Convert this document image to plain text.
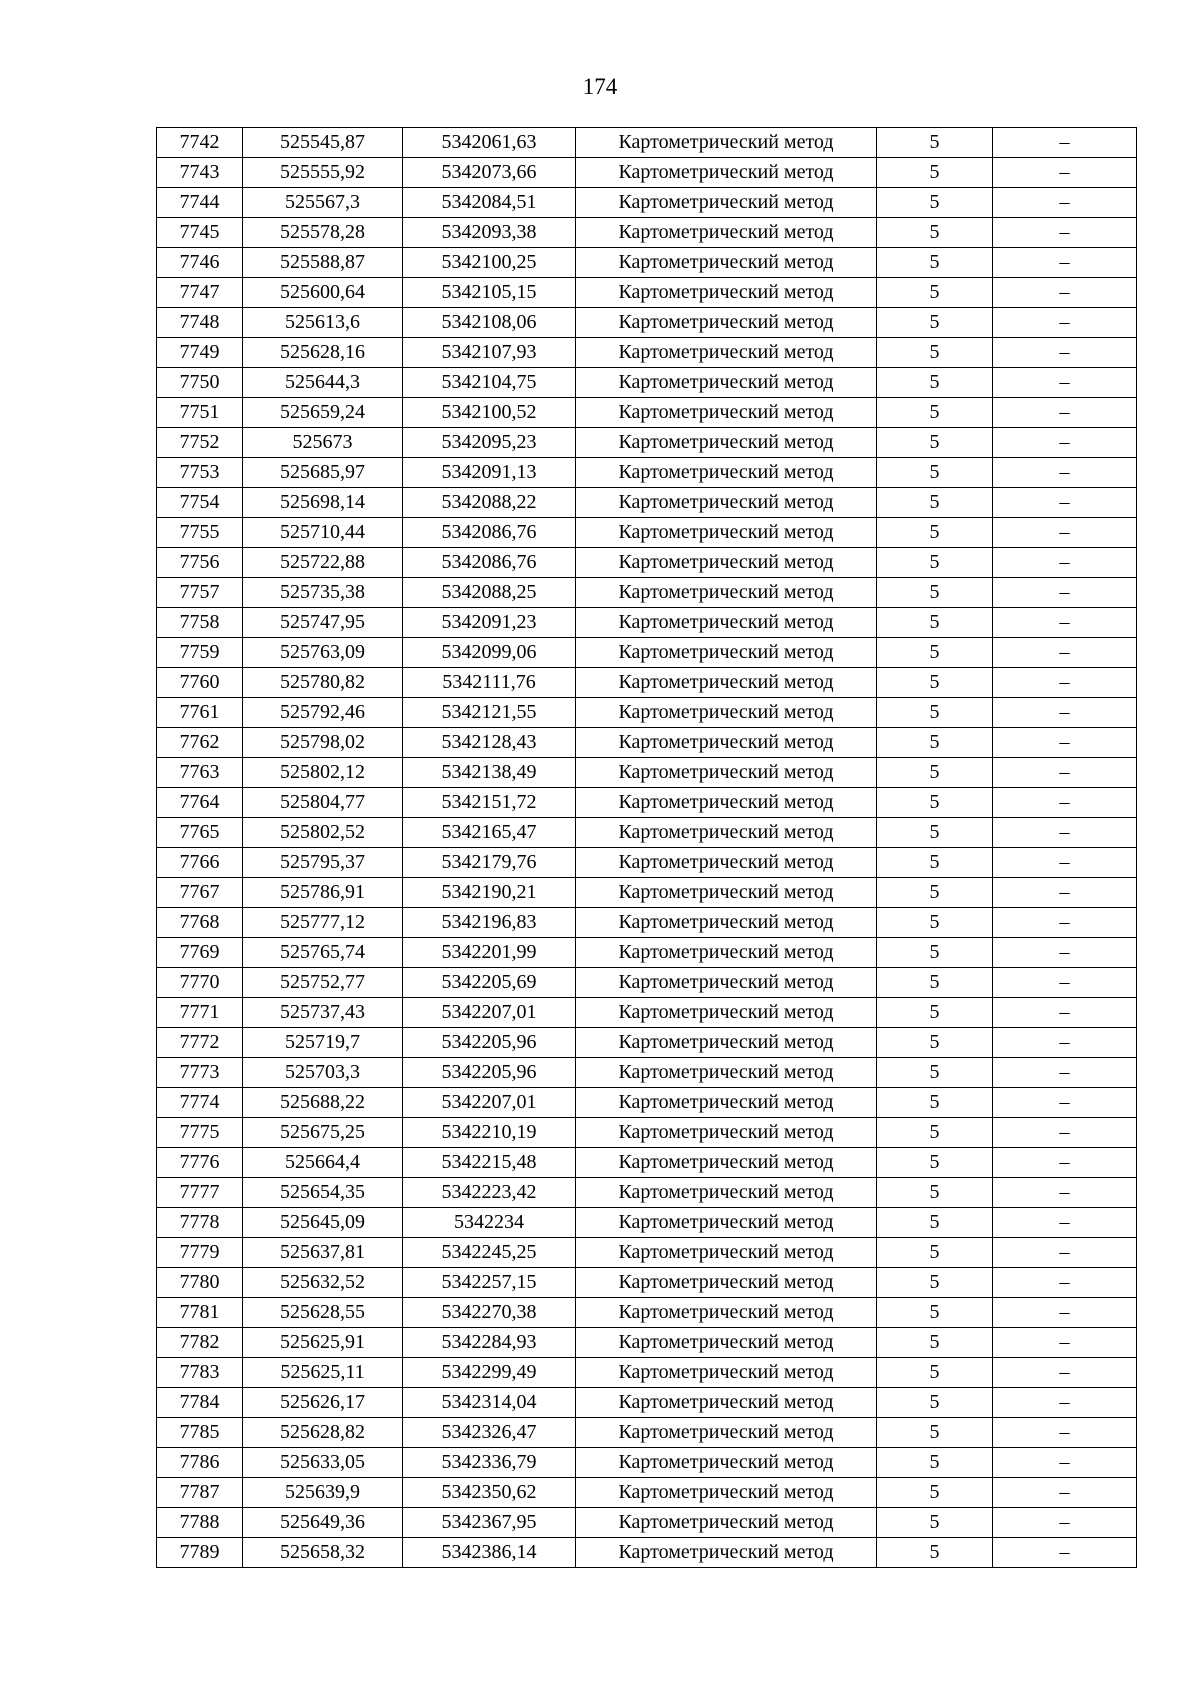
174
7742	525545,87	5342061,63	Картометрический метод	5	–
7743	525555,92	5342073,66	Картометрический метод	5	–
7744	525567,3	5342084,51	Картометрический метод	5	–
7745	525578,28	5342093,38	Картометрический метод	5	–
7746	525588,87	5342100,25	Картометрический метод	5	–
7747	525600,64	5342105,15	Картометрический метод	5	–
7748	525613,6	5342108,06	Картометрический метод	5	–
7749	525628,16	5342107,93	Картометрический метод	5	–
7750	525644,3	5342104,75	Картометрический метод	5	–
7751	525659,24	5342100,52	Картометрический метод	5	–
7752	525673	5342095,23	Картометрический метод	5	–
7753	525685,97	5342091,13	Картометрический метод	5	–
7754	525698,14	5342088,22	Картометрический метод	5	–
7755	525710,44	5342086,76	Картометрический метод	5	–
7756	525722,88	5342086,76	Картометрический метод	5	–
7757	525735,38	5342088,25	Картометрический метод	5	–
7758	525747,95	5342091,23	Картометрический метод	5	–
7759	525763,09	5342099,06	Картометрический метод	5	–
7760	525780,82	5342111,76	Картометрический метод	5	–
7761	525792,46	5342121,55	Картометрический метод	5	–
7762	525798,02	5342128,43	Картометрический метод	5	–
7763	525802,12	5342138,49	Картометрический метод	5	–
7764	525804,77	5342151,72	Картометрический метод	5	–
7765	525802,52	5342165,47	Картометрический метод	5	–
7766	525795,37	5342179,76	Картометрический метод	5	–
7767	525786,91	5342190,21	Картометрический метод	5	–
7768	525777,12	5342196,83	Картометрический метод	5	–
7769	525765,74	5342201,99	Картометрический метод	5	–
7770	525752,77	5342205,69	Картометрический метод	5	–
7771	525737,43	5342207,01	Картометрический метод	5	–
7772	525719,7	5342205,96	Картометрический метод	5	–
7773	525703,3	5342205,96	Картометрический метод	5	–
7774	525688,22	5342207,01	Картометрический метод	5	–
7775	525675,25	5342210,19	Картометрический метод	5	–
7776	525664,4	5342215,48	Картометрический метод	5	–
7777	525654,35	5342223,42	Картометрический метод	5	–
7778	525645,09	5342234	Картометрический метод	5	–
7779	525637,81	5342245,25	Картометрический метод	5	–
7780	525632,52	5342257,15	Картометрический метод	5	–
7781	525628,55	5342270,38	Картометрический метод	5	–
7782	525625,91	5342284,93	Картометрический метод	5	–
7783	525625,11	5342299,49	Картометрический метод	5	–
7784	525626,17	5342314,04	Картометрический метод	5	–
7785	525628,82	5342326,47	Картометрический метод	5	–
7786	525633,05	5342336,79	Картометрический метод	5	–
7787	525639,9	5342350,62	Картометрический метод	5	–
7788	525649,36	5342367,95	Картометрический метод	5	–
7789	525658,32	5342386,14	Картометрический метод	5	–
